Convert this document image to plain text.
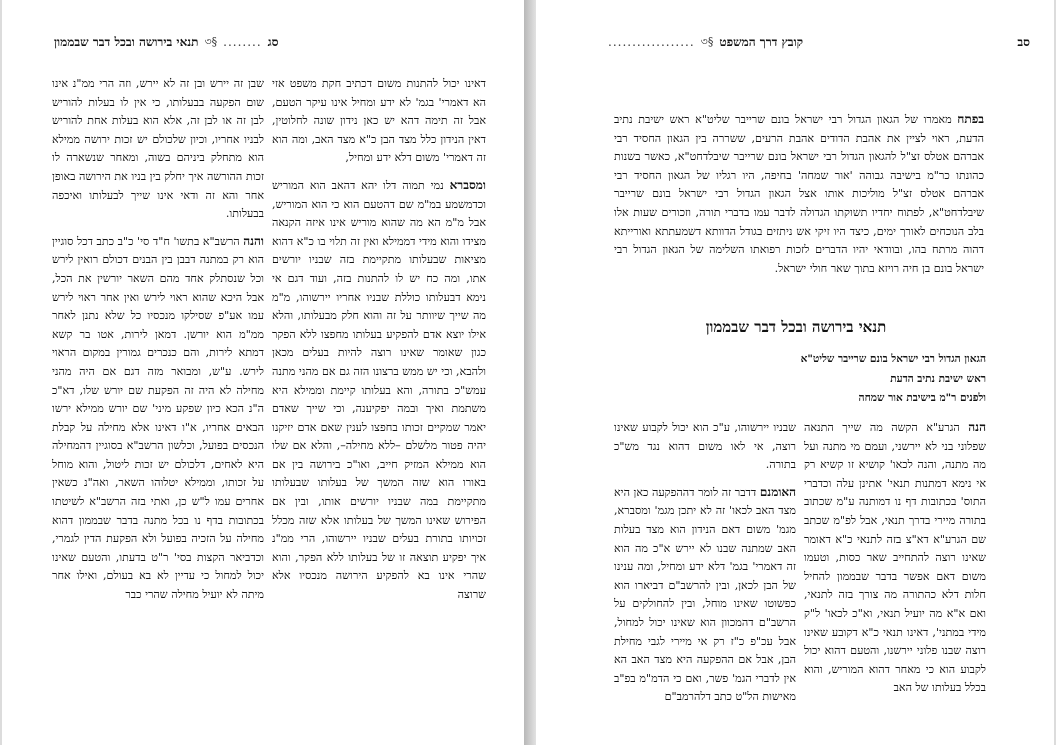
סג
........
§৩
תנאי בירושה ובכל דבר שבממון

דאינו יכול להתנות משום דכתיב חקת משפט אזי הא דאמרי' בגמ' לא ידע ומחיל אינו עיקר הטעם, אבל זה תימה דהא יש כאן נידון שונה לחלוטין, דאין הנידון כלל מצד הבן כ"א מצד האב, ומה הוא זה דאמרי' משום דלא ידע ומחיל,

ומסברא נמי תמוה דלו יהא דהאב הוא המוריש וכדמשמע במ"מ שם דהטעם הוא כי הוא המוריש, אבל מ"מ הא מה שהוא מוריש אינו איזה הקנאה מצידו והוא מידי דממילא ואין זה תלוי בו כ"א דהוא מציאות שבעלותו מתקיימת בזה שבניו יורשים אתו, ומה כח יש לו להתנות בזה, ועוד דגם אי נימא דבעלותו כוללת שבניו אחריו יירשוהו, מ"מ מה שייך שיוותר על זה והוא חלק מבעלותו, והלא אילו יוצא אדם להפקיע בעלותו מחפצו ללא הפקר כגון שאומר שאינו רוצה להיות בעלים מכאן ולהבא, וכי יש ממש ברצונו הזה גם אם מהני מתנה עמש"כ בתורה, והא בעלותו קיימת וממילא היא משתמת ואיך ובמה יפקיענה, וכי שייך שאדם יאמר שמקיים זכותו בחפצו לענין שאם אדם יזיקנו יהיה פטור מלשלם –ללא מחילה–, והלא אם שלו הוא ממילא המזיק חייב, ואו"כ בירושה בין אם באורו הוא שזה המשך של בעלותו שבעלותו מתקיימת במה שבניו יורשים אותו, ובין אם הפירוש שאינו המשך של בעלותו אלא שזה מכלל זכויותו בתורת בעלים שבניו יירשוהו, הרי ממ"נ איך יפקיע תוצאה זו של בעלותו ללא הפקר, והוא שהרי אינו בא להפקיע הירושה מנכסיו אלא שרוצה

שבן זה יירש ובן זה לא יירש, וזה הרי ממ"נ אינו שום הפקעה בבעלותו, כי אין לו בעלות להוריש לבן זה או לבן זה, אלא הוא בעלות אחת להוריש לבניו אחריו, וכיון שלכולם יש זכות ירושה ממילא הוא מתחלק ביניהם בשוה, ומאחר שנשארה לו זכות ההורשה איך יחלק בין בניו את הירושה באופן אחר והא זה ודאי אינו שייך לבעלותו ואיכפה בבעלותו.

והנה הרשב"א בתשו' ח"ד סי' כ"ב כתב דכל סוגיין הוא רק במתנה דבבן בין הבנים דכולם רואין לירש וכל שנסתלק אחד מהם השאר יורשין את הכל, אבל היכא שהוא ראוי לירש ואין אחר ראוי לירש עמו אע"פ שסילקו מנכסיו כל שלא נתנן לאחר ממ"מ הוא יורשן. דמאן לירות, אטו בר קשא דמתא לירות, והם כנכרים גמורין במקום הראוי לירש. ע"ש, ומבואר מזה דגם אם היה מהני מחילה לא היה זה הפקעת שם יורש שלו, דא"כ ה"נ הכא כיון שפקע מיני' שם יורש ממילא ירשו הבאים אחריו, א"ו דאינו אלא מחילה על קבלת הנכסים בפועל, וכלשון הרשב"א בסוגיין דהמחילה היא לאחים, דלכולם יש זכות ליטול, והוא מוחל על זכותו, וממילא יטלוהו השאר, ואה"נ כשאין אחרים עמו ל"ש כן, ואתי בזה הרשב"א לשיטתו בכתובות בדף נו בכל מתנה בדבר שבממון דהוא מחילה על הזכיה בפועל ולא הפקעת הדין לגמרי, וכדביאר הקצות בסי' ר"ט בדעתו, והטעם שאינו יכול למחול כי עדיין לא בא בעולם, ואילו אחר מיתה לא יועיל מחילה שהרי כבר

קובץ דרך המשפט
§৩
..................	סב

בפתח מאמרו של הגאון הגדול רבי ישראל בונם שרייבר שליט"א ראש ישיבת נתיב הדעת, ראוי לציין את אהבת הדודים אהבת הרעים, ששררה בין הגאון החסיד רבי אברהם אטלס זצ"ל להגאון הגדול רבי ישראל בונם שרייבר שיבלדחט"א, כאשר בשנות כהונתו כר"מ בישיבה גבוהה 'אור שמחה' בחיפה, היו רגליו של הגאון החסיד רבי אברהם אטלס זצ"ל מוליכות אותו אצל הגאון הגדול רבי ישראל בונם שרייבר שיבלדחט"א, לפתוח יחדיו תשוקתו הגדולה לדבר עמו בדברי תורה, וזכורים שעות אלו בלב הנוכחים לאורך ימים, כיצד היו זיקי אש ניתזים בגודל הדוותא דשמעתתא ואורייתא דהוה מרתח בהו, ובוודאי יהיו הדברים לזכות רפואתו השלימה של הגאון הגדול רבי ישראל בונם בן חיה רויזא בתוך שאר חולי ישראל.

תנאי בירושה ובכל דבר שבממון
הגאון הגדול רבי ישראל בונם שרייבר שליט"א
ראש ישיבת נתיב הדעת
ולפנים ר"מ בישיבת אור שמחה

הנה הגרע"א הקשה מה שייך התנאה שפלוני בני לא יירשני, ועמם מי מתנה ועל מה מתנה, והנה לכאו' קושיא זו קשיא רק אי נימא דמתנות תנאי' אתינן עלה וכדברי התוס' בכתובות דף נו דמותנה ע"מ שכתוב בתורה מיירי בדרך תנאי, אבל לפ"מ שכתב שם הגרע"א דא"צ בזה לתנאי כ"א דאומר שאינו רוצה להתחייב שאר כסות, וטעמו משום דאם אפשר בדבר שבממון להחיל חלות דלא כהתורה מה צורך בזה לתנאי, ואם א"א מה יועיל תנאי, וא"כ לכאו' ל"ק מידי במתני', דאינו תנאי כ"א דקובע שאינו רוצה שבנו פלוני יירשנו, והטעם דהוא יכול לקבוע הוא כי מאחר דהוא המוריש, והוא בכלל בעלותו של האב

שבניו יירשוהו, ע"כ הוא יכול לקבוע שאינו רוצה, אי לאו משום דהוא נגד מש"כ בתורה.

האומנם דדבר זה לומר דההפקעה כאן היא מצד האב לכאו' זה לא יתכן מגמ' ומסברא, מגמ' משום דאם הנידון הוא מצד בעלות האב שמתנה שבנו לא יירש א"כ מה הוא זה דאמרי' בגמ' דלא ידע ומחיל, ומה ענינו של הבן לכאן, ובין להרשב"ם דביארו הוא כפשוטו שאינו מוחל, ובין להחולקים על הרשב"ם דהמכוון הוא שאינו יכול למחול, אבל עכ"פ כ"ז רק אי מיירי לגבי מחילת הבן, אבל אם ההפקעה היא מצד האב הא אין לדברי הגמ' פשר, ואם כי הדמ"מ בפ"ב מאישות הל"ט כתב דלהרמב"ם
